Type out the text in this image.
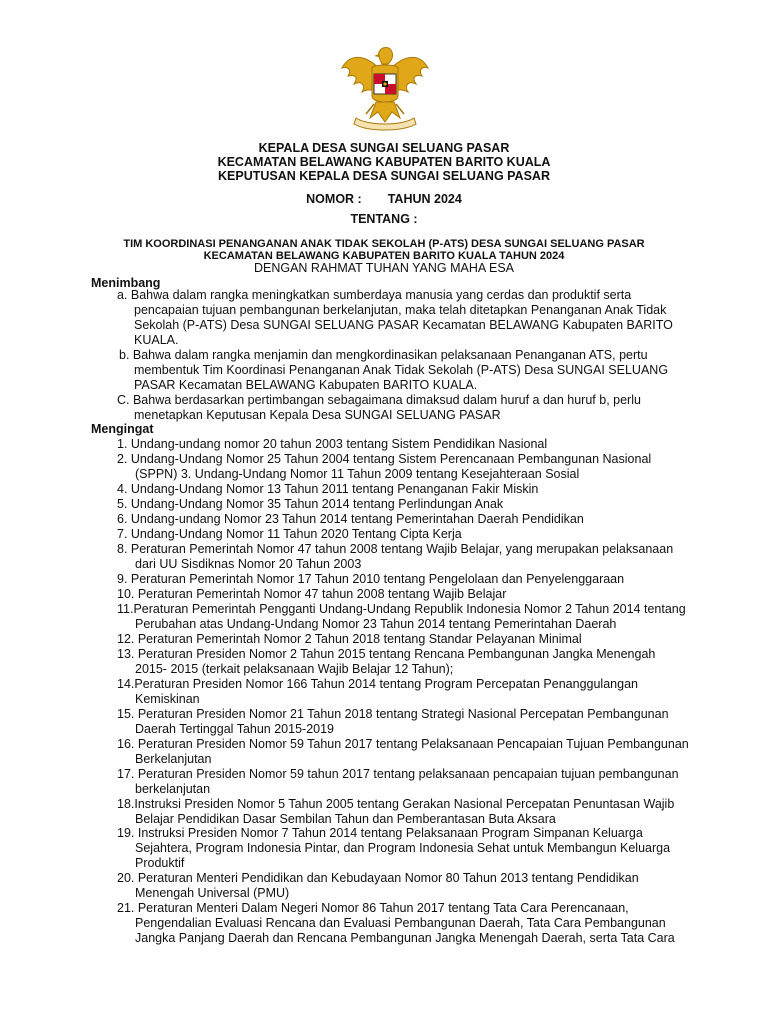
KEPALA DESA SUNGAI SELUANG PASAR
KECAMATAN BELAWANG KABUPATEN BARITO KUALA
KEPUTUSAN KEPALA DESA SUNGAI SELUANG PASAR
NOMOR : TAHUN 2024
TENTANG :
TIM KOORDINASI PENANGANAN ANAK TIDAK SEKOLAH (P-ATS) DESA SUNGAI SELUANG PASAR
KECAMATAN BELAWANG KABUPATEN BARITO KUALA TAHUN 2024
DENGAN RAHMAT TUHAN YANG MAHA ESA
Menimbang
a. Bahwa dalam rangka meningkatkan sumberdaya manusia yang cerdas dan produktif serta
pencapaian tujuan pembangunan berkelanjutan, maka telah ditetapkan Penanganan Anak Tidak
Sekolah (P-ATS) Desa SUNGAI SELUANG PASAR Kecamatan BELAWANG Kabupaten BARITO
KUALA.
b. Bahwa dalam rangka menjamin dan mengkordinasikan pelaksanaan Penanganan ATS, pertu
membentuk Tim Koordinasi Penanganan Anak Tidak Sekolah (P-ATS) Desa SUNGAI SELUANG
PASAR Kecamatan BELAWANG Kabupaten BARITO KUALA.
C. Bahwa berdasarkan pertimbangan sebagaimana dimaksud dalam huruf a dan huruf b, perlu
menetapkan Keputusan Kepala Desa SUNGAI SELUANG PASAR
Mengingat
1. Undang-undang nomor 20 tahun 2003 tentang Sistem Pendidikan Nasional
2. Undang-Undang Nomor 25 Tahun 2004 tentang Sistem Perencanaan Pembangunan Nasional
(SPPN) 3. Undang-Undang Nomor 11 Tahun 2009 tentang Kesejahteraan Sosial
4. Undang-Undang Nomor 13 Tahun 2011 tentang Penanganan Fakir Miskin
5. Undang-Undang Nomor 35 Tahun 2014 tentang Perlindungan Anak
6. Undang-undang Nomor 23 Tahun 2014 tentang Pemerintahan Daerah Pendidikan
7. Undang-Undang Nomor 11 Tahun 2020 Tentang Cipta Kerja
8. Peraturan Pemerintah Nomor 47 tahun 2008 tentang Wajib Belajar, yang merupakan pelaksanaan
dari UU Sisdiknas Nomor 20 Tahun 2003
9. Peraturan Pemerintah Nomor 17 Tahun 2010 tentang Pengelolaan dan Penyelenggaraan
10. Peraturan Pemerintah Nomor 47 tahun 2008 tentang Wajib Belajar
11.Peraturan Pemerintah Pengganti Undang-Undang Republik Indonesia Nomor 2 Tahun 2014 tentang
Perubahan atas Undang-Undang Nomor 23 Tahun 2014 tentang Pemerintahan Daerah
12. Peraturan Pemerintah Nomor 2 Tahun 2018 tentang Standar Pelayanan Minimal
13. Peraturan Presiden Nomor 2 Tahun 2015 tentang Rencana Pembangunan Jangka Menengah
2015- 2015 (terkait pelaksanaan Wajib Belajar 12 Tahun);
14.Peraturan Presiden Nomor 166 Tahun 2014 tentang Program Percepatan Penanggulangan
Kemiskinan
15. Peraturan Presiden Nomor 21 Tahun 2018 tentang Strategi Nasional Percepatan Pembangunan
Daerah Tertinggal Tahun 2015-2019
16. Peraturan Presiden Nomor 59 Tahun 2017 tentang Pelaksanaan Pencapaian Tujuan Pembangunan
Berkelanjutan
17. Peraturan Presiden Nomor 59 tahun 2017 tentang pelaksanaan pencapaian tujuan pembangunan
berkelanjutan
18.Instruksi Presiden Nomor 5 Tahun 2005 tentang Gerakan Nasional Percepatan Penuntasan Wajib
Belajar Pendidikan Dasar Sembilan Tahun dan Pemberantasan Buta Aksara
19. Instruksi Presiden Nomor 7 Tahun 2014 tentang Pelaksanaan Program Simpanan Keluarga
Sejahtera, Program Indonesia Pintar, dan Program Indonesia Sehat untuk Membangun Keluarga
Produktif
20. Peraturan Menteri Pendidikan dan Kebudayaan Nomor 80 Tahun 2013 tentang Pendidikan
Menengah Universal (PMU)
21. Peraturan Menteri Dalam Negeri Nomor 86 Tahun 2017 tentang Tata Cara Perencanaan,
Pengendalian Evaluasi Rencana dan Evaluasi Pembangunan Daerah, Tata Cara Pembangunan
Jangka Panjang Daerah dan Rencana Pembangunan Jangka Menengah Daerah, serta Tata Cara
